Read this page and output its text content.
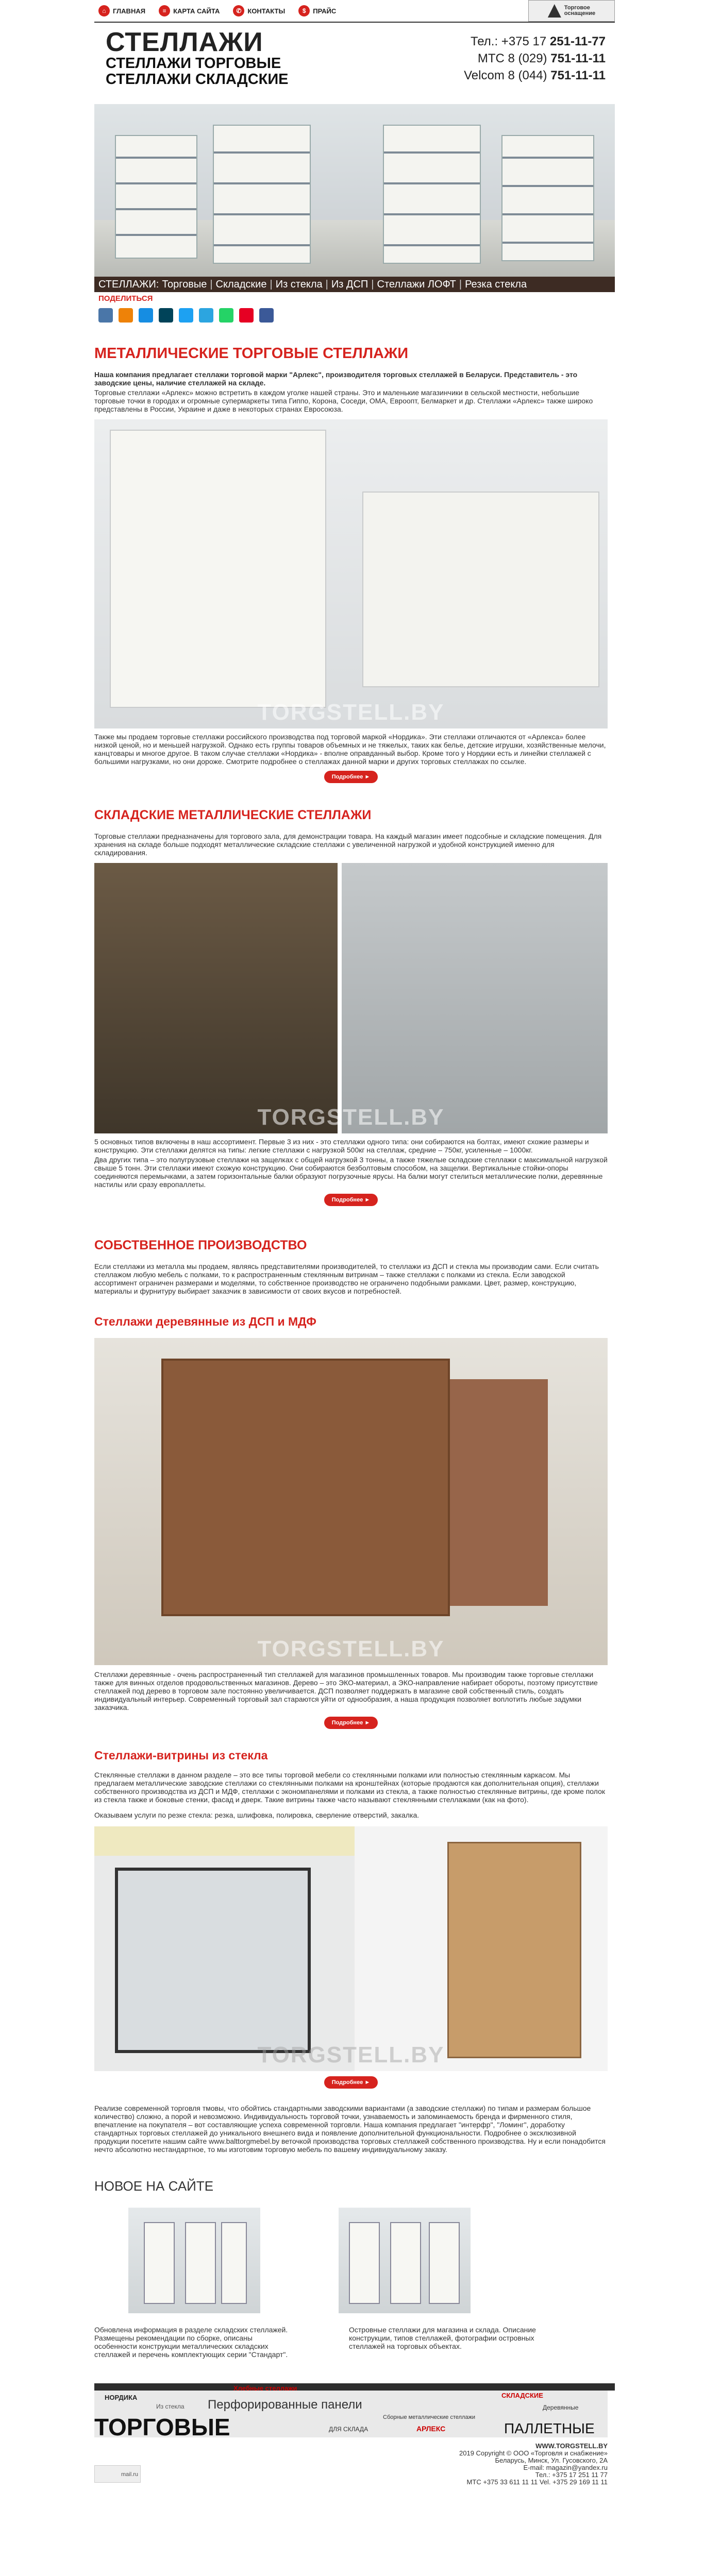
⌂	ГЛАВНАЯ	≡	КАРТА САЙТА	✆ КОНТАКТЫ	$	ПРАЙС	Торговое
оснащение
СТЕЛЛАЖИ
СТЕЛЛАЖИ ТОРГОВЫЕ
СТЕЛЛАЖИ СКЛАДСКИЕ
Тел.: +375 17 251-11-77
МТС 8 (029) 751-11-11
Velcom 8 (044) 751-11-11
СТЕЛЛАЖИ: Торговые | Складские | Из стекла | Из ДСП | Стеллажи ЛОФТ | Резка стекла
ПОДЕЛИТЬСЯ
МЕТАЛЛИЧЕСКИЕ ТОРГОВЫЕ СТЕЛЛАЖИ

Наша компания предлагает стеллажи торговой марки "Арлекс", производителя торговых стеллажей в Беларуси. Представитель - это заводские цены, наличие стеллажей на складе.

Торговые стеллажи «Арлекс» можно встретить в каждом уголке нашей страны. Это и маленькие магазинчики в сельской местности, небольшие торговые точки в городах и огромные супермаркеты типа Гиппо, Корона, Соседи, ОМА, Евроопт, Белмаркет и др. Стеллажи «Арлекс» также широко представлены в России, Украине и даже в некоторых странах Евросоюза.

TORGSTELL.BY

Также мы продаем торговые стеллажи российского производства под торговой маркой «Нордика». Эти стеллажи отличаются от «Арлекса» более низкой ценой, но и меньшей нагрузкой. Однако есть группы товаров объемных и не тяжелых, таких как белье, детские игрушки, хозяйственные мелочи, канцтовары и многое другое. В таком случае стеллажи «Нордика» - вполне оправданный выбор. Кроме того у Нордики есть и линейки стеллажей с большими нагрузками, но они дороже. Смотрите подробнее о стеллажах данной марки и других торговых стеллажах по ссылке.

Подробнее ►
СКЛАДСКИЕ МЕТАЛЛИЧЕСКИЕ СТЕЛЛАЖИ

Торговые стеллажи предназначены для торгового зала, для демонстрации товара. На каждый магазин имеет подсобные и складские помещения. Для хранения на складе больше подходят металлические складские стеллажи с увеличенной нагрузкой и удобной конструкцией именно для складирования.

TORGSTELL.BY

5 основных типов включены в наш ассортимент. Первые 3 из них - это стеллажи одного типа: они собираются на болтах, имеют схожие размеры и конструкцию. Эти стеллажи делятся на типы: легкие стеллажи с нагрузкой 500кг на стеллаж, средние – 750кг, усиленные – 1000кг.

Два других типа – это полугрузовые стеллажи на защелках с общей нагрузкой 3 тонны, а также тяжелые складские стеллажи с максимальной нагрузкой свыше 5 тонн. Эти стеллажи имеют схожую конструкцию. Они собираются безболтовым способом, на защелки. Вертикальные стойки-опоры соединяются перемычками, а затем горизонтальные балки образуют погрузочные ярусы. На балки могут стелиться металлические полки, деревянные настилы или сразу европаллеты.

Подробнее ►
СОБСТВЕННОЕ ПРОИЗВОДСТВО

Если стеллажи из металла мы продаем, являясь представителями производителей, то стеллажи из ДСП и стекла мы производим сами. Если считать стеллажом любую мебель с полками, то к распространенным стеклянным витринам – также стеллажи с полками из стекла. Если заводской ассортимент ограничен размерами и моделями, то собственное производство не ограничено подобными рамками. Цвет, размер, конструкцию, материалы и фурнитуру выбирает заказчик в зависимости от своих вкусов и потребностей.

Стеллажи деревянные из ДСП и МДФ
TORGSTELL.BY

Стеллажи деревянные - очень распространенный тип стеллажей для магазинов промышленных товаров. Мы производим также торговые стеллажи также для винных отделов продовольственных магазинов. Дерево – это ЭКО-материал, а ЭКО-направление набирает обороты, поэтому присутствие стеллажей под дерево в торговом зале постоянно увеличивается. ДСП позволяет поддержать в магазине свой собственный стиль, создать индивидуальный интерьер. Современный торговый зал стараются уйти от однообразия, а наша продукция позволяет воплотить любые задумки заказчика.

Подробнее ►
Стеллажи-витрины из стекла

Стеклянные стеллажи в данном разделе – это все типы торговой мебели со стеклянными полками или полностью стеклянным каркасом. Мы предлагаем металлические заводские стеллажи со стеклянными полками на кронштейнах (которые продаются как дополнительная опция), стеллажи собственного производства из ДСП и МДФ, стеллажи с экономпанелями и полками из стекла, а также полностью стеклянные витрины, где кроме полок из стекла также и боковые стенки, фасад и дверк. Такие витрины также часто называют стеклянными стеллажами (как на фото).

Оказываем услуги по резке стекла: резка, шлифовка, полировка, сверление отверстий, закалка.

TORGSTELL.BY
Подробнее ►

Реализе современной торговля тмовы, что обойтись стандартными заводскими вариантами (а заводские стеллажи) по типам и размерам большое количество) сложно, а порой и невозможно. Индивидуальность торговой точки, узнаваемость и запоминаемость бренда и фирменного стиля, впечатление на покупателя – вот составляющие успеха современной торговли. Наша компания предлагает "интерфр", "Ломинг", доработку стандартных торговых стеллажей до уникального внешнего вида и появление дополнительной функциональности. Подробнее о эксклюзивной продукции посетите нашим сайте www.balttorgmebel.by веточкой производства торговых стеллажей собственного производства. Ну и если понадобится нечто абсолютно нестандартное, то мы изготовим торговую мебель по вашему индивидуальному заказу.

НОВОЕ НА САЙТЕ

Обновлена информация в разделе складских стеллажей. Размещены рекомендации по сборке, описаны особенности конструкции металлических складских стеллажей и перечень комплектующих серии "Стандарт".

Островные стеллажи для магазина и склада. Описание конструкции, типов стеллажей, фотографии островных стеллажей на торговых объектах.

НОРДИКА
Хлебные стеллажи
СКЛАДСКИЕ
Из стекла Перфорированные панели	Деревянные
Сборные металлические стеллажи
ТОРГОВЫЕ	ДЛЯ СКЛАДА	АРЛЕКС	ПАЛЛЕТНЫЕ
mail.ru
WWW.TORGSTELL.BY
2019 Copyright © ООО «Торговля и снабжение»
Беларусь, Минск, Ул. Гусовского, 2А
E-mail: magazin@yandex.ru
Тел.: +375 17 251 11 77
МТС +375 33 611 11 11 Vel. +375 29 169 11 11
